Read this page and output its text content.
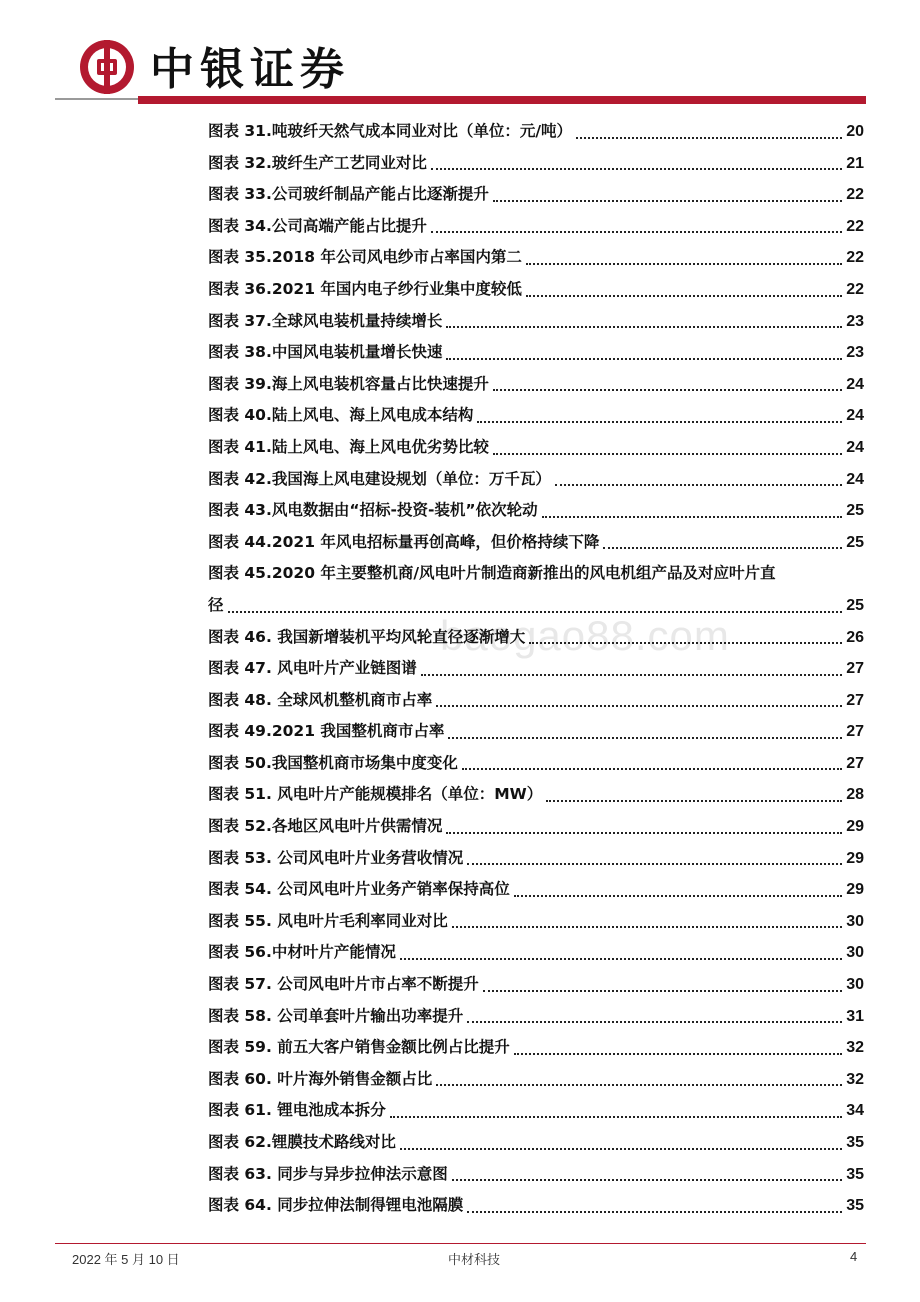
中银证券
baogao88.com
图表 31.吨玻纤天然气成本同业对比（单位：元/吨）	20
图表 32.玻纤生产工艺同业对比	21
图表 33.公司玻纤制品产能占比逐渐提升	22
图表 34.公司高端产能占比提升	22
图表 35.2018 年公司风电纱市占率国内第二	22
图表 36.2021 年国内电子纱行业集中度较低	22
图表 37.全球风电装机量持续增长	23
图表 38.中国风电装机量增长快速	23
图表 39.海上风电装机容量占比快速提升	24
图表 40.陆上风电、海上风电成本结构	24
图表 41.陆上风电、海上风电优劣势比较	24
图表 42.我国海上风电建设规划（单位：万千瓦）	24
图表 43.风电数据由“招标-投资-装机”依次轮动	25
图表 44.2021 年风电招标量再创高峰，但价格持续下降	25
图表 45.2020 年主要整机商/风电叶片制造商新推出的风电机组产品及对应叶片直
径	25
图表 46. 我国新增装机平均风轮直径逐渐增大	26
图表 47. 风电叶片产业链图谱	27
图表 48. 全球风机整机商市占率	27
图表 49.2021 我国整机商市占率	27
图表 50.我国整机商市场集中度变化	27
图表 51. 风电叶片产能规模排名（单位：MW）	28
图表 52.各地区风电叶片供需情况	29
图表 53. 公司风电叶片业务营收情况	29
图表 54. 公司风电叶片业务产销率保持高位	29
图表 55. 风电叶片毛利率同业对比	30
图表 56.中材叶片产能情况	30
图表 57. 公司风电叶片市占率不断提升	30
图表 58. 公司单套叶片输出功率提升	31
图表 59. 前五大客户销售金额比例占比提升	32
图表 60. 叶片海外销售金额占比	32
图表 61. 锂电池成本拆分	34
图表 62.锂膜技术路线对比	35
图表 63. 同步与异步拉伸法示意图	35
图表 64. 同步拉伸法制得锂电池隔膜	35
2022 年 5 月 10 日	中材科技	4
